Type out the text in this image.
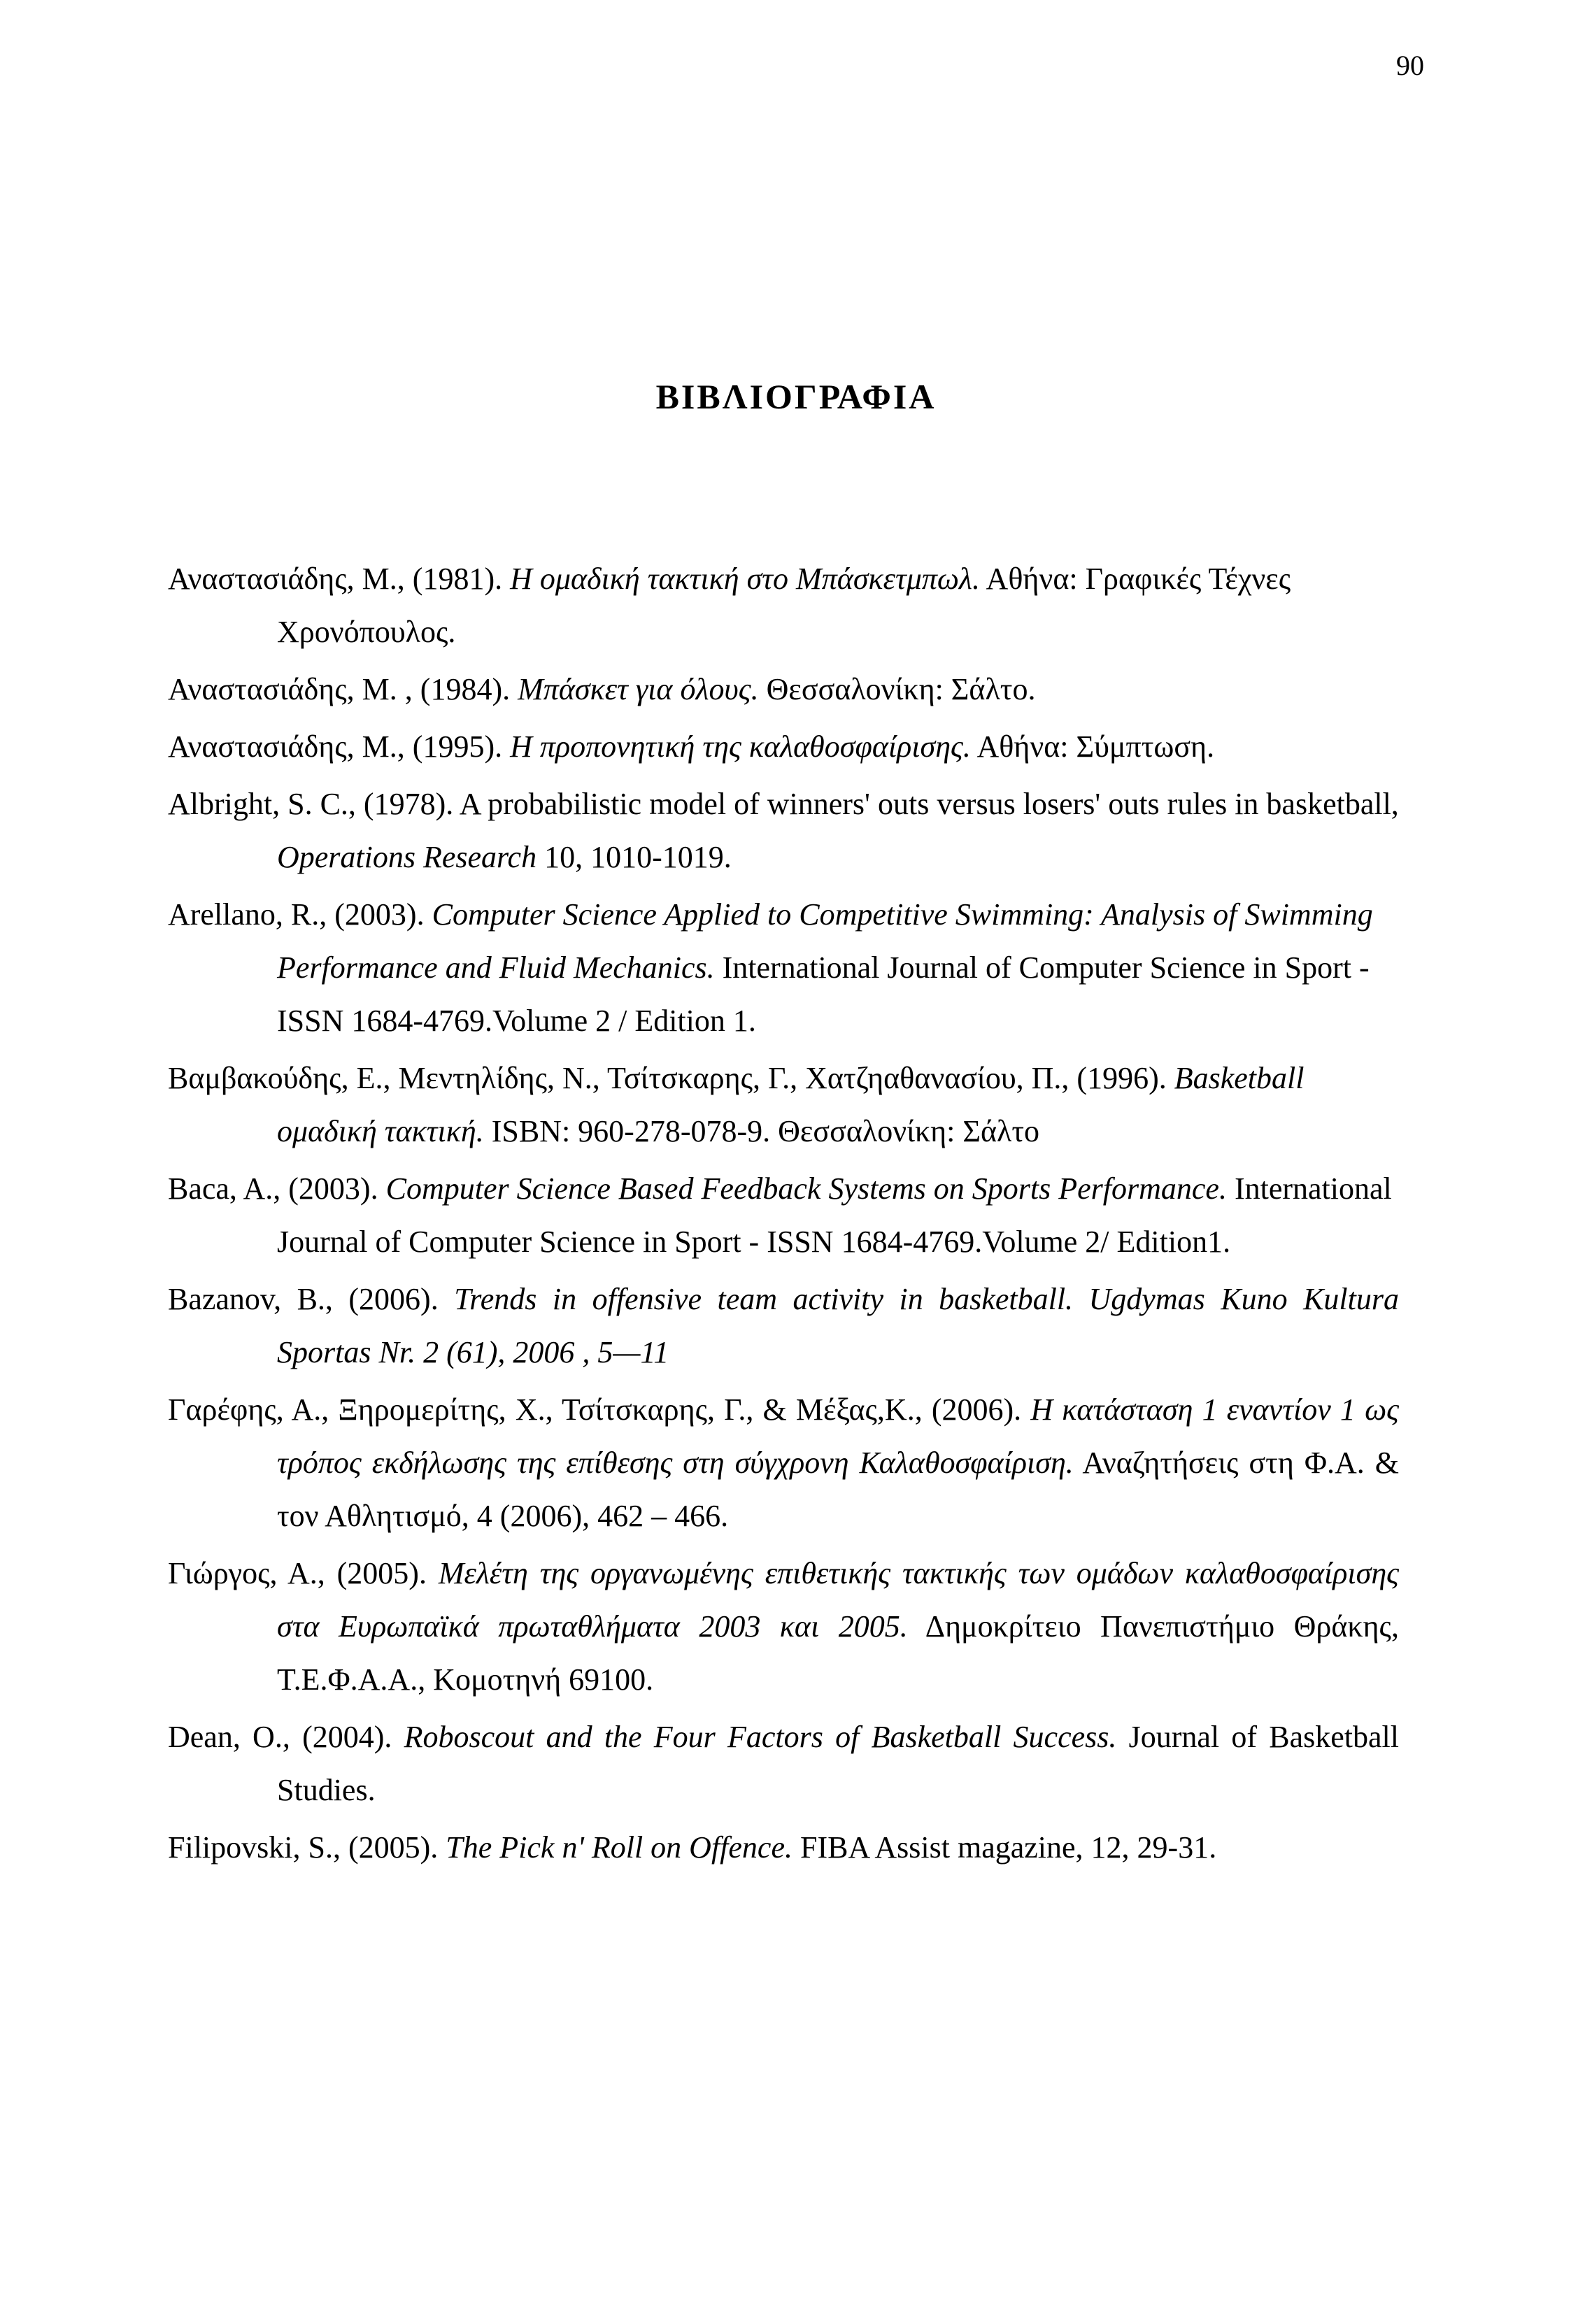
90
ΒΙΒΛΙΟΓΡΑΦΙΑ
Αναστασιάδης, Μ., (1981). Η ομαδική τακτική στο Μπάσκετμπωλ. Αθήνα: Γραφικές Τέχνες Χρονόπουλος.
Αναστασιάδης, Μ. , (1984). Μπάσκετ για όλους. Θεσσαλονίκη: Σάλτο.
Αναστασιάδης, Μ., (1995). Η προπονητική της καλαθοσφαίρισης. Αθήνα: Σύμπτωση.
Albright, S. C., (1978). A probabilistic model of winners' outs versus losers' outs rules in basketball, Operations Research 10, 1010-1019.
Arellano, R., (2003). Computer Science Applied to Competitive Swimming: Analysis of Swimming Performance and Fluid Mechanics. International Journal of Computer Science in Sport - ISSN 1684-4769.Volume 2 / Edition 1.
Βαμβακούδης, Ε., Μεντηλίδης, Ν., Τσίτσκαρης, Γ., Χατζηαθανασίου, Π., (1996). Basketball ομαδική τακτική. ISBN: 960-278-078-9. Θεσσαλονίκη: Σάλτο
Baca, A., (2003). Computer Science Based Feedback Systems on Sports Performance. International Journal of Computer Science in Sport - ISSN 1684-4769.Volume 2/ Edition1.
Bazanov, B., (2006). Trends in offensive team activity in basketball. Ugdymas Kuno Kultura Sportas Nr. 2 (61), 2006 , 5—11
Γαρέφης, Α., Ξηρομερίτης, Χ., Τσίτσκαρης, Γ., & Μέξας,Κ., (2006). Η κατάσταση 1 εναντίον 1 ως τρόπος εκδήλωσης της επίθεσης στη σύγχρονη Καλαθοσφαίριση. Αναζητήσεις στη Φ.Α. & τον Αθλητισμό, 4 (2006), 462 – 466.
Γιώργος, Α., (2005). Μελέτη της οργανωμένης επιθετικής τακτικής των ομάδων καλαθοσφαίρισης στα Ευρωπαϊκά πρωταθλήματα 2003 και 2005. Δημοκρίτειο Πανεπιστήμιο Θράκης, Τ.Ε.Φ.Α.Α., Κομοτηνή 69100.
Dean, O., (2004). Roboscout and the Four Factors of Basketball Success. Journal of Basketball Studies.
Filipovski, S., (2005). The Pick n' Roll on Offence. FIBA Assist magazine, 12, 29-31.
